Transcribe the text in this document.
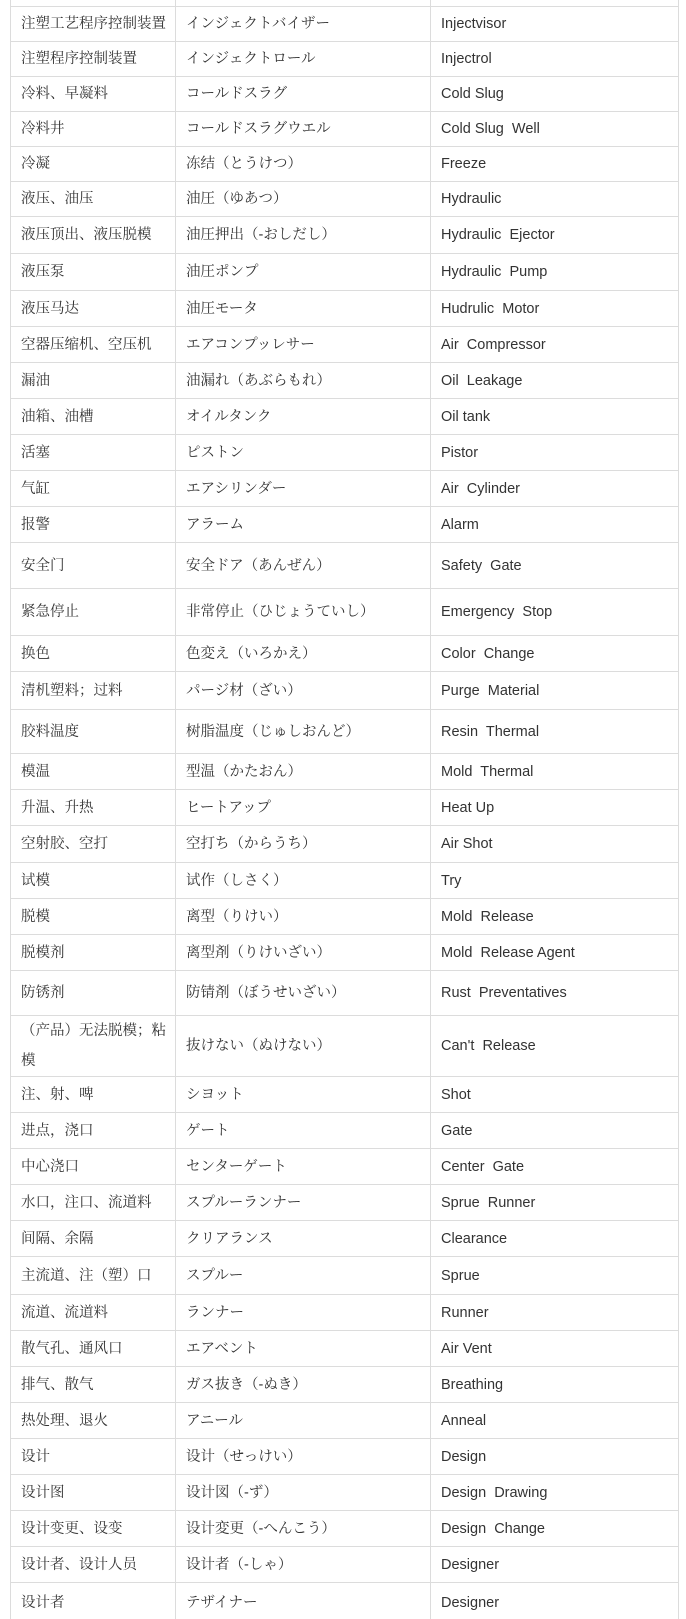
注塑工艺程序控制装置	インジェクトバイザー	Injectvisor
注塑程序控制装置	インジェクトロール	Injectrol
冷料、早凝料	コールドスラグ	Cold Slug
冷料井	コールドスラグウエル	Cold Slug  Well
冷凝	冻结（とうけつ）	Freeze
液压、油压	油圧（ゆあつ）	Hydraulic
液压顶出、液压脱模	油圧押出（-おしだし）	Hydraulic  Ejector
液压泵	油圧ポンプ	Hydraulic  Pump
液压马达	油圧モータ	Hudrulic  Motor
空器压缩机、空压机	エアコンプッレサー	Air  Compressor
漏油	油漏れ（あぶらもれ）	Oil  Leakage
油箱、油槽	オイルタンク	Oil tank
活塞	ピストン	Pistor
气缸	エアシリンダー	Air  Cylinder
报警	アラーム	Alarm
安全门	安全ドア（あんぜん）	Safety  Gate
紧急停止	非常停止（ひじょうていし）	Emergency  Stop
换色	色変え（いろかえ）	Color  Change
清机塑料；过料	パージ材（ざい）	Purge  Material
胶料温度	树脂温度（じゅしおんど）	Resin  Thermal
模温	型温（かたおん）	Mold  Thermal
升温、升热	ヒートアップ	Heat Up
空射胶、空打	空打ち（からうち）	Air Shot
试模	试作（しさく）	Try
脱模	离型（りけい）	Mold  Release
脱模剂	离型剤（りけいざい）	Mold  Release Agent
防锈剂	防锖剤（ぼうせいざい）	Rust  Preventatives
（产品）无法脱模；粘模	抜けない（ぬけない）	Can't  Release
注、射、啤	シヨット	Shot
进点，浇口	ゲート	Gate
中心浇口	センターゲート	Center  Gate
水口，注口、流道料	スプルーランナー	Sprue  Runner
间隔、余隔	クリアランス	Clearance
主流道、注（塑）口	スプルー	Sprue
流道、流道料	ランナー	Runner
散气孔、通风口	エアベント	Air Vent
排气、散气	ガス抜き（-ぬき）	Breathing
热处理、退火	アニール	Anneal
设计	设计（せっけい）	Design
设计图	设计図（-ず）	Design  Drawing
设计变更、设变	设计変更（-へんこう）	Design  Change
设计者、设计人员	设计者（-しゃ）	Designer
设计者	テザイナー	Designer
